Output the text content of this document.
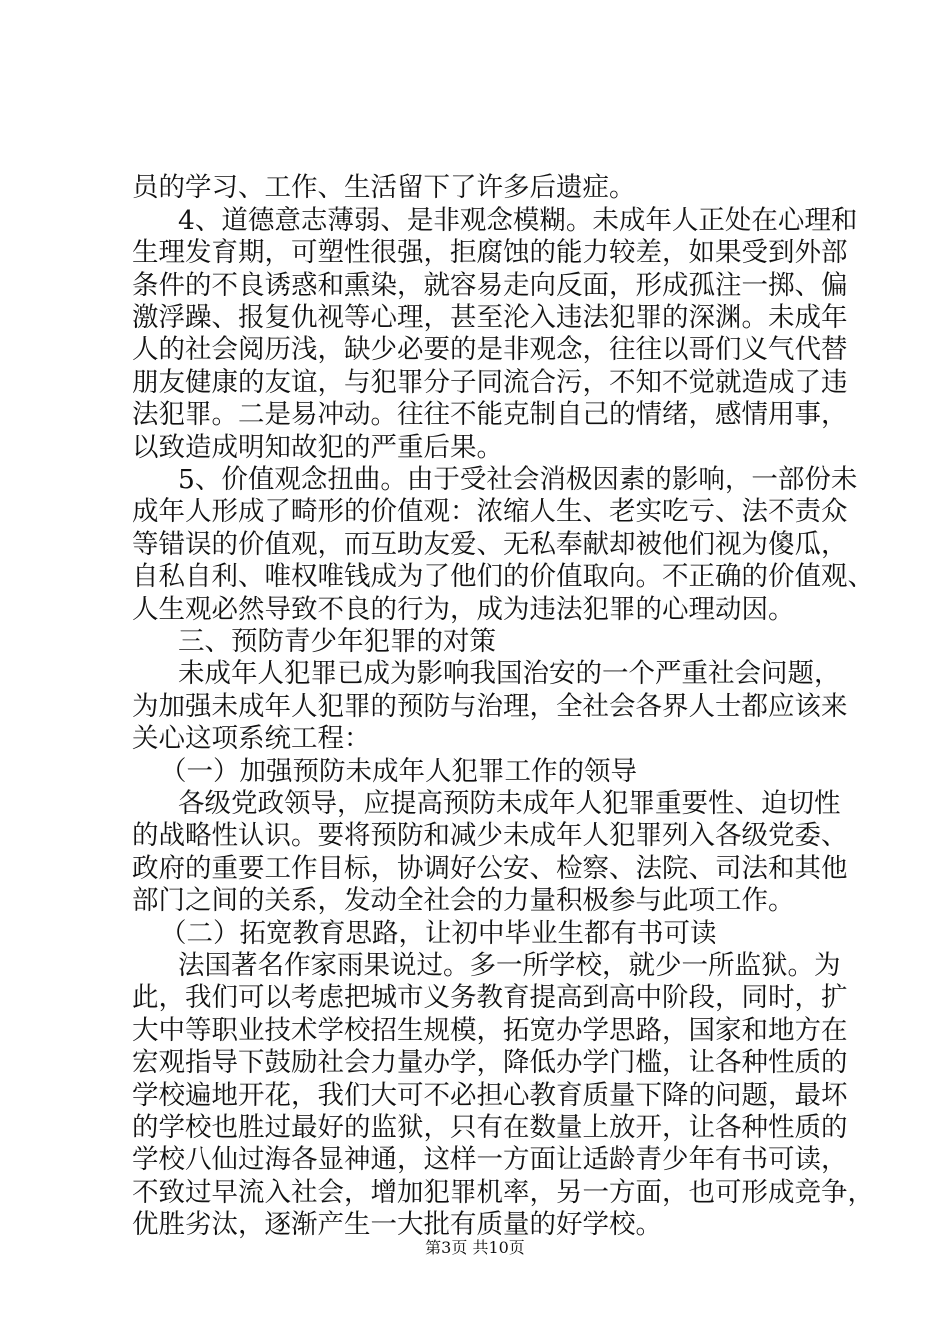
员的学习、工作、生活留下了许多后遗症。
4、道德意志薄弱、是非观念模糊。未成年人正处在心理和
生理发育期，可塑性很强，拒腐蚀的能力较差，如果受到外部
条件的不良诱惑和熏染，就容易走向反面，形成孤注一掷、偏
激浮躁、报复仇视等心理，甚至沦入违法犯罪的深渊。未成年
人的社会阅历浅，缺少必要的是非观念，往往以哥们义气代替
朋友健康的友谊，与犯罪分子同流合污，不知不觉就造成了违
法犯罪。二是易冲动。往往不能克制自己的情绪，感情用事，
以致造成明知故犯的严重后果。
5、价值观念扭曲。由于受社会消极因素的影响，一部份未
成年人形成了畸形的价值观：浓缩人生、老实吃亏、法不责众
等错误的价值观，而互助友爱、无私奉献却被他们视为傻瓜，
自私自利、唯权唯钱成为了他们的价值取向。不正确的价值观、
人生观必然导致不良的行为，成为违法犯罪的心理动因。
三、预防青少年犯罪的对策
未成年人犯罪已成为影响我国治安的一个严重社会问题，
为加强未成年人犯罪的预防与治理，全社会各界人士都应该来
关心这项系统工程：
（一）加强预防未成年人犯罪工作的领导
各级党政领导，应提高预防未成年人犯罪重要性、迫切性
的战略性认识。要将预防和减少未成年人犯罪列入各级党委、
政府的重要工作目标，协调好公安、检察、法院、司法和其他
部门之间的关系，发动全社会的力量积极参与此项工作。
（二）拓宽教育思路，让初中毕业生都有书可读
法国著名作家雨果说过。多一所学校，就少一所监狱。为
此，我们可以考虑把城市义务教育提高到高中阶段，同时，扩
大中等职业技术学校招生规模，拓宽办学思路，国家和地方在
宏观指导下鼓励社会力量办学，降低办学门槛，让各种性质的
学校遍地开花，我们大可不必担心教育质量下降的问题，最坏
的学校也胜过最好的监狱，只有在数量上放开，让各种性质的
学校八仙过海各显神通，这样一方面让适龄青少年有书可读，
不致过早流入社会，增加犯罪机率，另一方面，也可形成竞争，
优胜劣汰，逐渐产生一大批有质量的好学校。
第3页 共10页
